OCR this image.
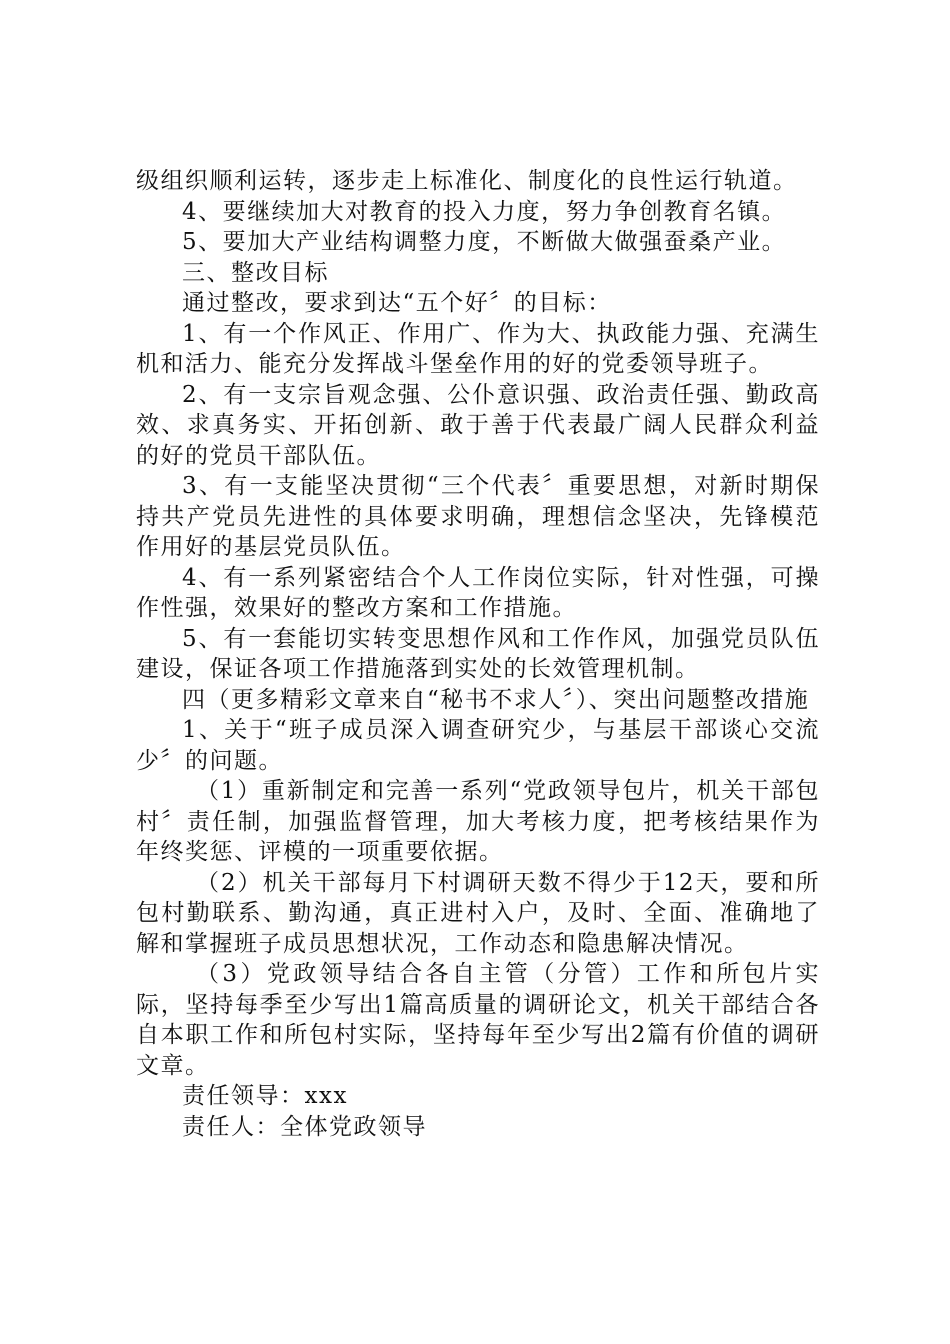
级组织顺利运转，逐步走上标准化、制度化的良性运行轨道。

4、要继续加大对教育的投入力度，努力争创教育名镇。

5、要加大产业结构调整力度，不断做大做强蚕桑产业。

三、整改目标

通过整改，要求到达“五个好〞的目标：

1、有一个作风正、作用广、作为大、执政能力强、充满生机和活力、能充分发挥战斗堡垒作用的好的党委领导班子。

2、有一支宗旨观念强、公仆意识强、政治责任强、勤政高效、求真务实、开拓创新、敢于善于代表最广阔人民群众利益的好的党员干部队伍。

3、有一支能坚决贯彻“三个代表〞重要思想，对新时期保持共产党员先进性的具体要求明确，理想信念坚决，先锋模范作用好的基层党员队伍。

4、有一系列紧密结合个人工作岗位实际，针对性强，可操作性强，效果好的整改方案和工作措施。

5、有一套能切实转变思想作风和工作作风，加强党员队伍建设，保证各项工作措施落到实处的长效管理机制。

四（更多精彩文章来自“秘书不求人〞）、突出问题整改措施

1、关于“班子成员深入调查研究少，与基层干部谈心交流少〞的问题。

（1）重新制定和完善一系列“党政领导包片，机关干部包村〞责任制，加强监督管理，加大考核力度，把考核结果作为年终奖惩、评模的一项重要依据。

（2）机关干部每月下村调研天数不得少于12天，要和所包村勤联系、勤沟通，真正进村入户，及时、全面、准确地了解和掌握班子成员思想状况，工作动态和隐患解决情况。

（3）党政领导结合各自主管（分管）工作和所包片实际，坚持每季至少写出1篇高质量的调研论文，机关干部结合各自本职工作和所包村实际，坚持每年至少写出2篇有价值的调研文章。

责任领导：xxx

责任人：全体党政领导
